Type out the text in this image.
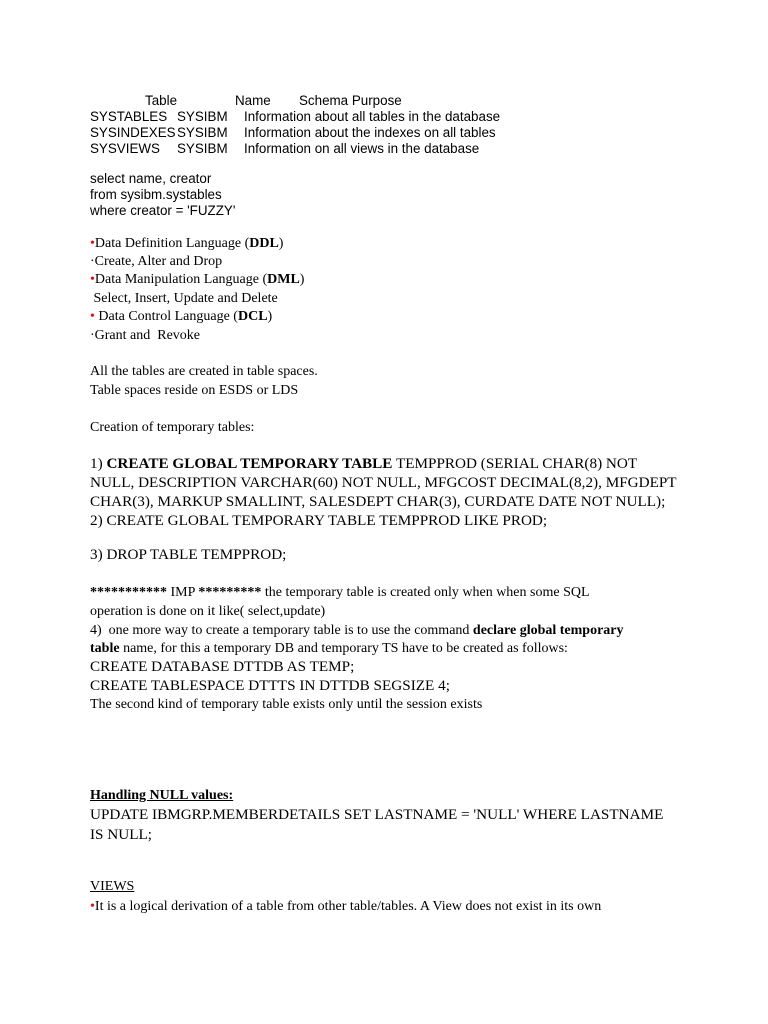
Table	Name Schema Purpose
SYSTABLES SYSIBM Information about all tables in the database
SYSINDEXES SYSIBM Information about the indexes on all tables
SYSVIEWS SYSIBM Information on all views in the database
select name, creator
from sysibm.systables
where creator = 'FUZZY'
•Data Definition Language (DDL)
·Create, Alter and Drop
•Data Manipulation Language (DML)
Select, Insert, Update and Delete
• Data Control Language (DCL)
·Grant and  Revoke
All the tables are created in table spaces.
Table spaces reside on ESDS or LDS
Creation of temporary tables:
1) CREATE GLOBAL TEMPORARY TABLE TEMPPROD (SERIAL CHAR(8) NOT
NULL, DESCRIPTION VARCHAR(60) NOT NULL, MFGCOST DECIMAL(8,2), MFGDEPT
CHAR(3), MARKUP SMALLINT, SALESDEPT CHAR(3), CURDATE DATE NOT NULL);
2) CREATE GLOBAL TEMPORARY TABLE TEMPPROD LIKE PROD;
3) DROP TABLE TEMPPROD;
*********** IMP ********* the temporary table is created only when when some SQL
operation is done on it like( select,update)
4)  one more way to create a temporary table is to use the command declare global temporary
table name, for this a temporary DB and temporary TS have to be created as follows:
CREATE DATABASE DTTDB AS TEMP;
CREATE TABLESPACE DTTTS IN DTTDB SEGSIZE 4;
The second kind of temporary table exists only until the session exists
Handling NULL values:
UPDATE IBMGRP.MEMBERDETAILS SET LASTNAME = 'NULL' WHERE LASTNAME
IS NULL;
VIEWS
•It is a logical derivation of a table from other table/tables. A View does not exist in its own
